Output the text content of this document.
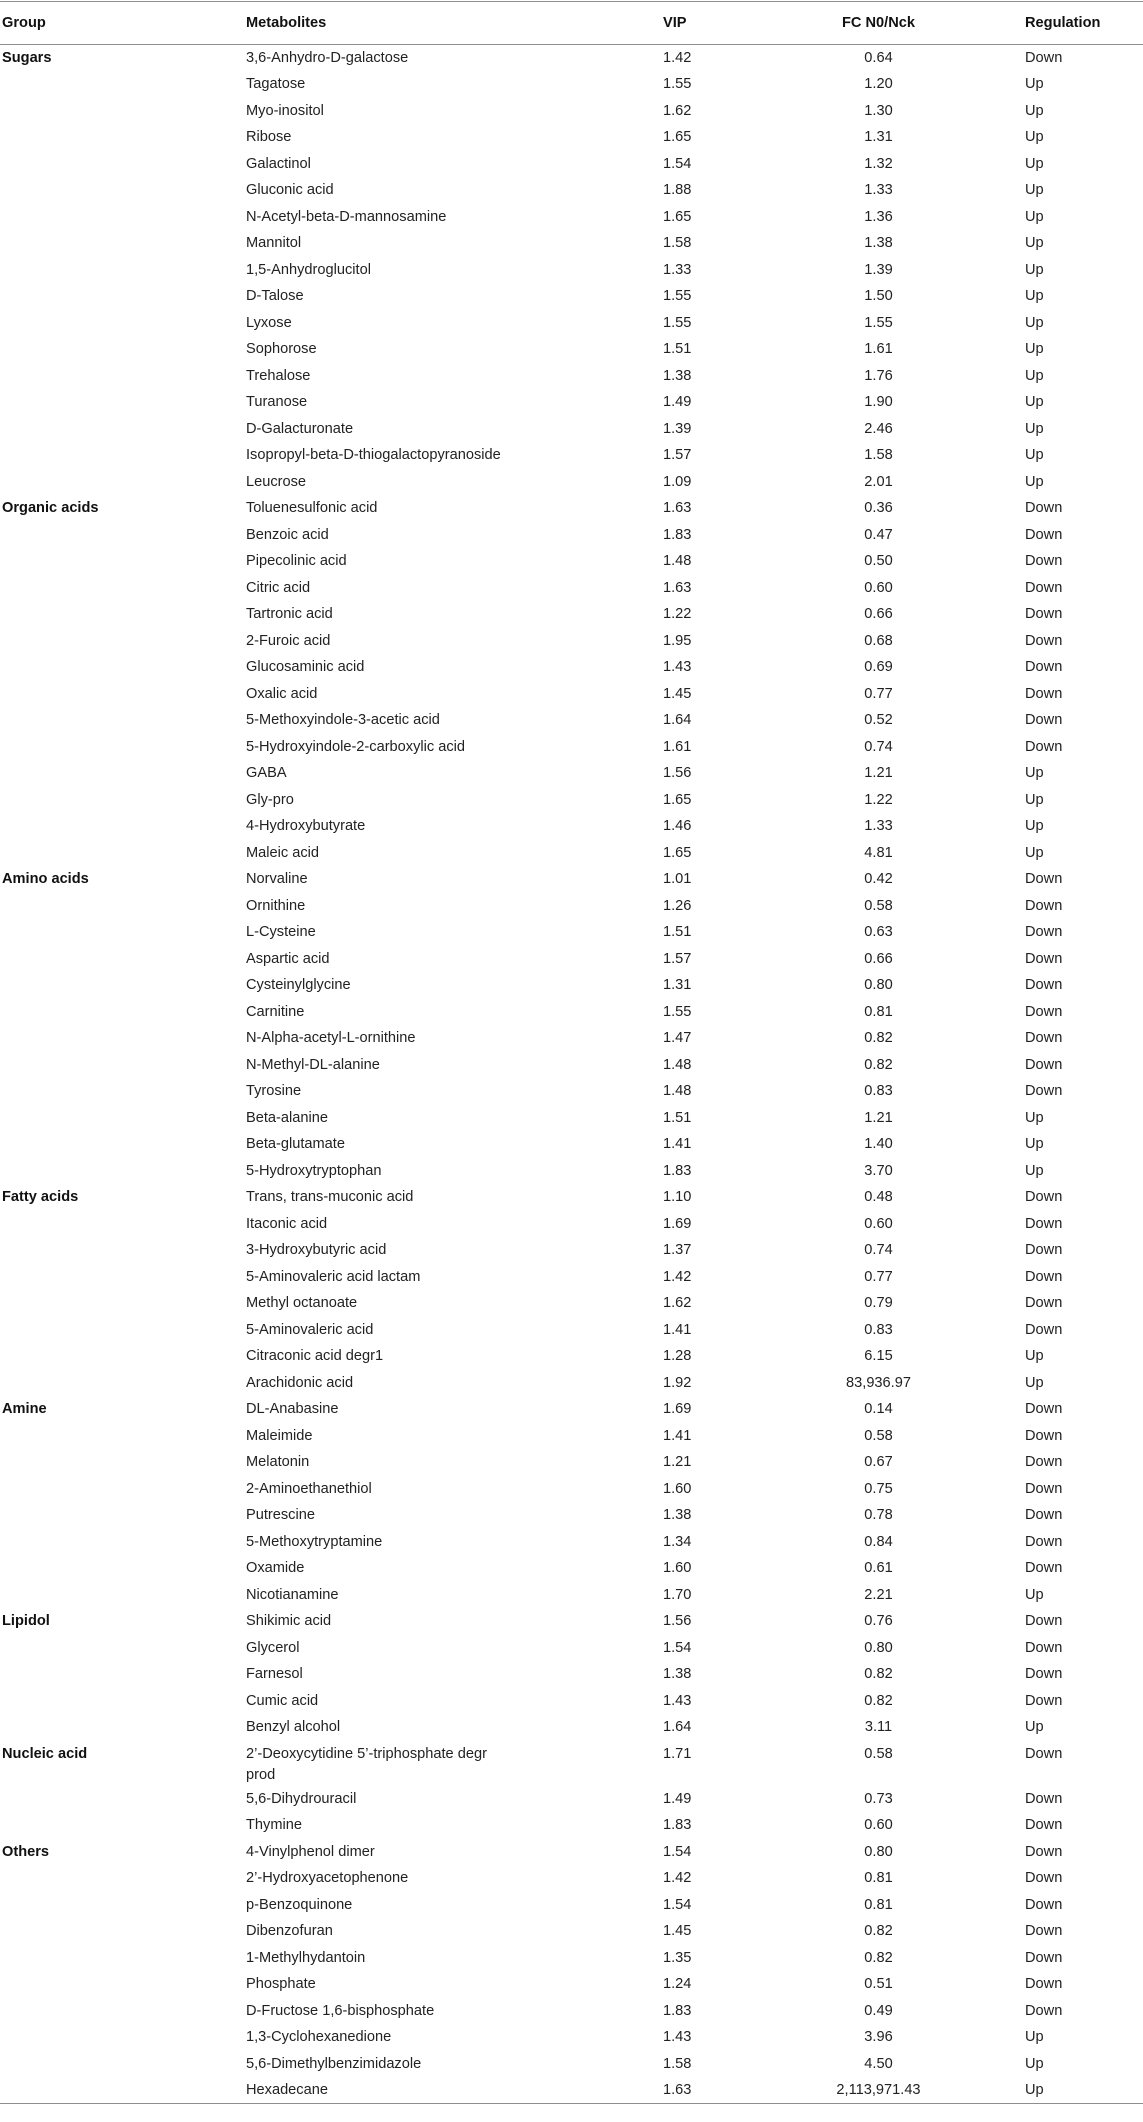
Group	Metabolites	VIP	FC N0/Nck	Regulation
Sugars	3,6-Anhydro-D-galactose	1.42	0.64	Down

	Tagatose	1.55	1.20	Up

	Myo-inositol	1.62	1.30	Up

	Ribose	1.65	1.31	Up

	Galactinol	1.54	1.32	Up

	Gluconic acid	1.88	1.33	Up

	N-Acetyl-beta-D-mannosamine	1.65	1.36	Up

	Mannitol	1.58	1.38	Up

	1,5-Anhydroglucitol	1.33	1.39	Up

	D-Talose	1.55	1.50	Up

	Lyxose	1.55	1.55	Up

	Sophorose	1.51	1.61	Up

	Trehalose	1.38	1.76	Up

	Turanose	1.49	1.90	Up

	D-Galacturonate	1.39	2.46	Up

	Isopropyl-beta-D-thiogalactopyranoside	1.57	1.58	Up

	Leucrose	1.09	2.01	Up
Organic acids	Toluenesulfonic acid	1.63	0.36	Down

	Benzoic acid	1.83	0.47	Down

	Pipecolinic acid	1.48	0.50	Down

	Citric acid	1.63	0.60	Down

	Tartronic acid	1.22	0.66	Down

	2-Furoic acid	1.95	0.68	Down

	Glucosaminic acid	1.43	0.69	Down

	Oxalic acid	1.45	0.77	Down

	5-Methoxyindole-3-acetic acid	1.64	0.52	Down

	5-Hydroxyindole-2-carboxylic acid	1.61	0.74	Down

	GABA	1.56	1.21	Up

	Gly-pro	1.65	1.22	Up

	4-Hydroxybutyrate	1.46	1.33	Up

	Maleic acid	1.65	4.81	Up
Amino acids	Norvaline	1.01	0.42	Down

	Ornithine	1.26	0.58	Down

	L-Cysteine	1.51	0.63	Down

	Aspartic acid	1.57	0.66	Down

	Cysteinylglycine	1.31	0.80	Down

	Carnitine	1.55	0.81	Down

	N-Alpha-acetyl-L-ornithine	1.47	0.82	Down

	N-Methyl-DL-alanine	1.48	0.82	Down

	Tyrosine	1.48	0.83	Down

	Beta-alanine	1.51	1.21	Up

	Beta-glutamate	1.41	1.40	Up

	5-Hydroxytryptophan	1.83	3.70	Up
Fatty acids	Trans, trans-muconic acid	1.10	0.48	Down

	Itaconic acid	1.69	0.60	Down

	3-Hydroxybutyric acid	1.37	0.74	Down

	5-Aminovaleric acid lactam	1.42	0.77	Down

	Methyl octanoate	1.62	0.79	Down

	5-Aminovaleric acid	1.41	0.83	Down

	Citraconic acid degr1	1.28	6.15	Up

	Arachidonic acid	1.92	83,936.97	Up
Amine	DL-Anabasine	1.69	0.14	Down

	Maleimide	1.41	0.58	Down

	Melatonin	1.21	0.67	Down

	2-Aminoethanethiol	1.60	0.75	Down

	Putrescine	1.38	0.78	Down

	5-Methoxytryptamine	1.34	0.84	Down

	Oxamide	1.60	0.61	Down

	Nicotianamine	1.70	2.21	Up
Lipidol	Shikimic acid	1.56	0.76	Down

	Glycerol	1.54	0.80	Down

	Farnesol	1.38	0.82	Down

	Cumic acid	1.43	0.82	Down

	Benzyl alcohol	1.64	3.11	Up
Nucleic acid	2’-Deoxycytidine 5’-triphosphate degr prod	1.71	0.58	Down

	5,6-Dihydrouracil	1.49	0.73	Down

	Thymine	1.83	0.60	Down
Others	4-Vinylphenol dimer	1.54	0.80	Down

	2’-Hydroxyacetophenone	1.42	0.81	Down

	p-Benzoquinone	1.54	0.81	Down

	Dibenzofuran	1.45	0.82	Down

	1-Methylhydantoin	1.35	0.82	Down

	Phosphate	1.24	0.51	Down

	D-Fructose 1,6-bisphosphate	1.83	0.49	Down

	1,3-Cyclohexanedione	1.43	3.96	Up

	5,6-Dimethylbenzimidazole	1.58	4.50	Up

	Hexadecane	1.63	2,113,971.43	Up
